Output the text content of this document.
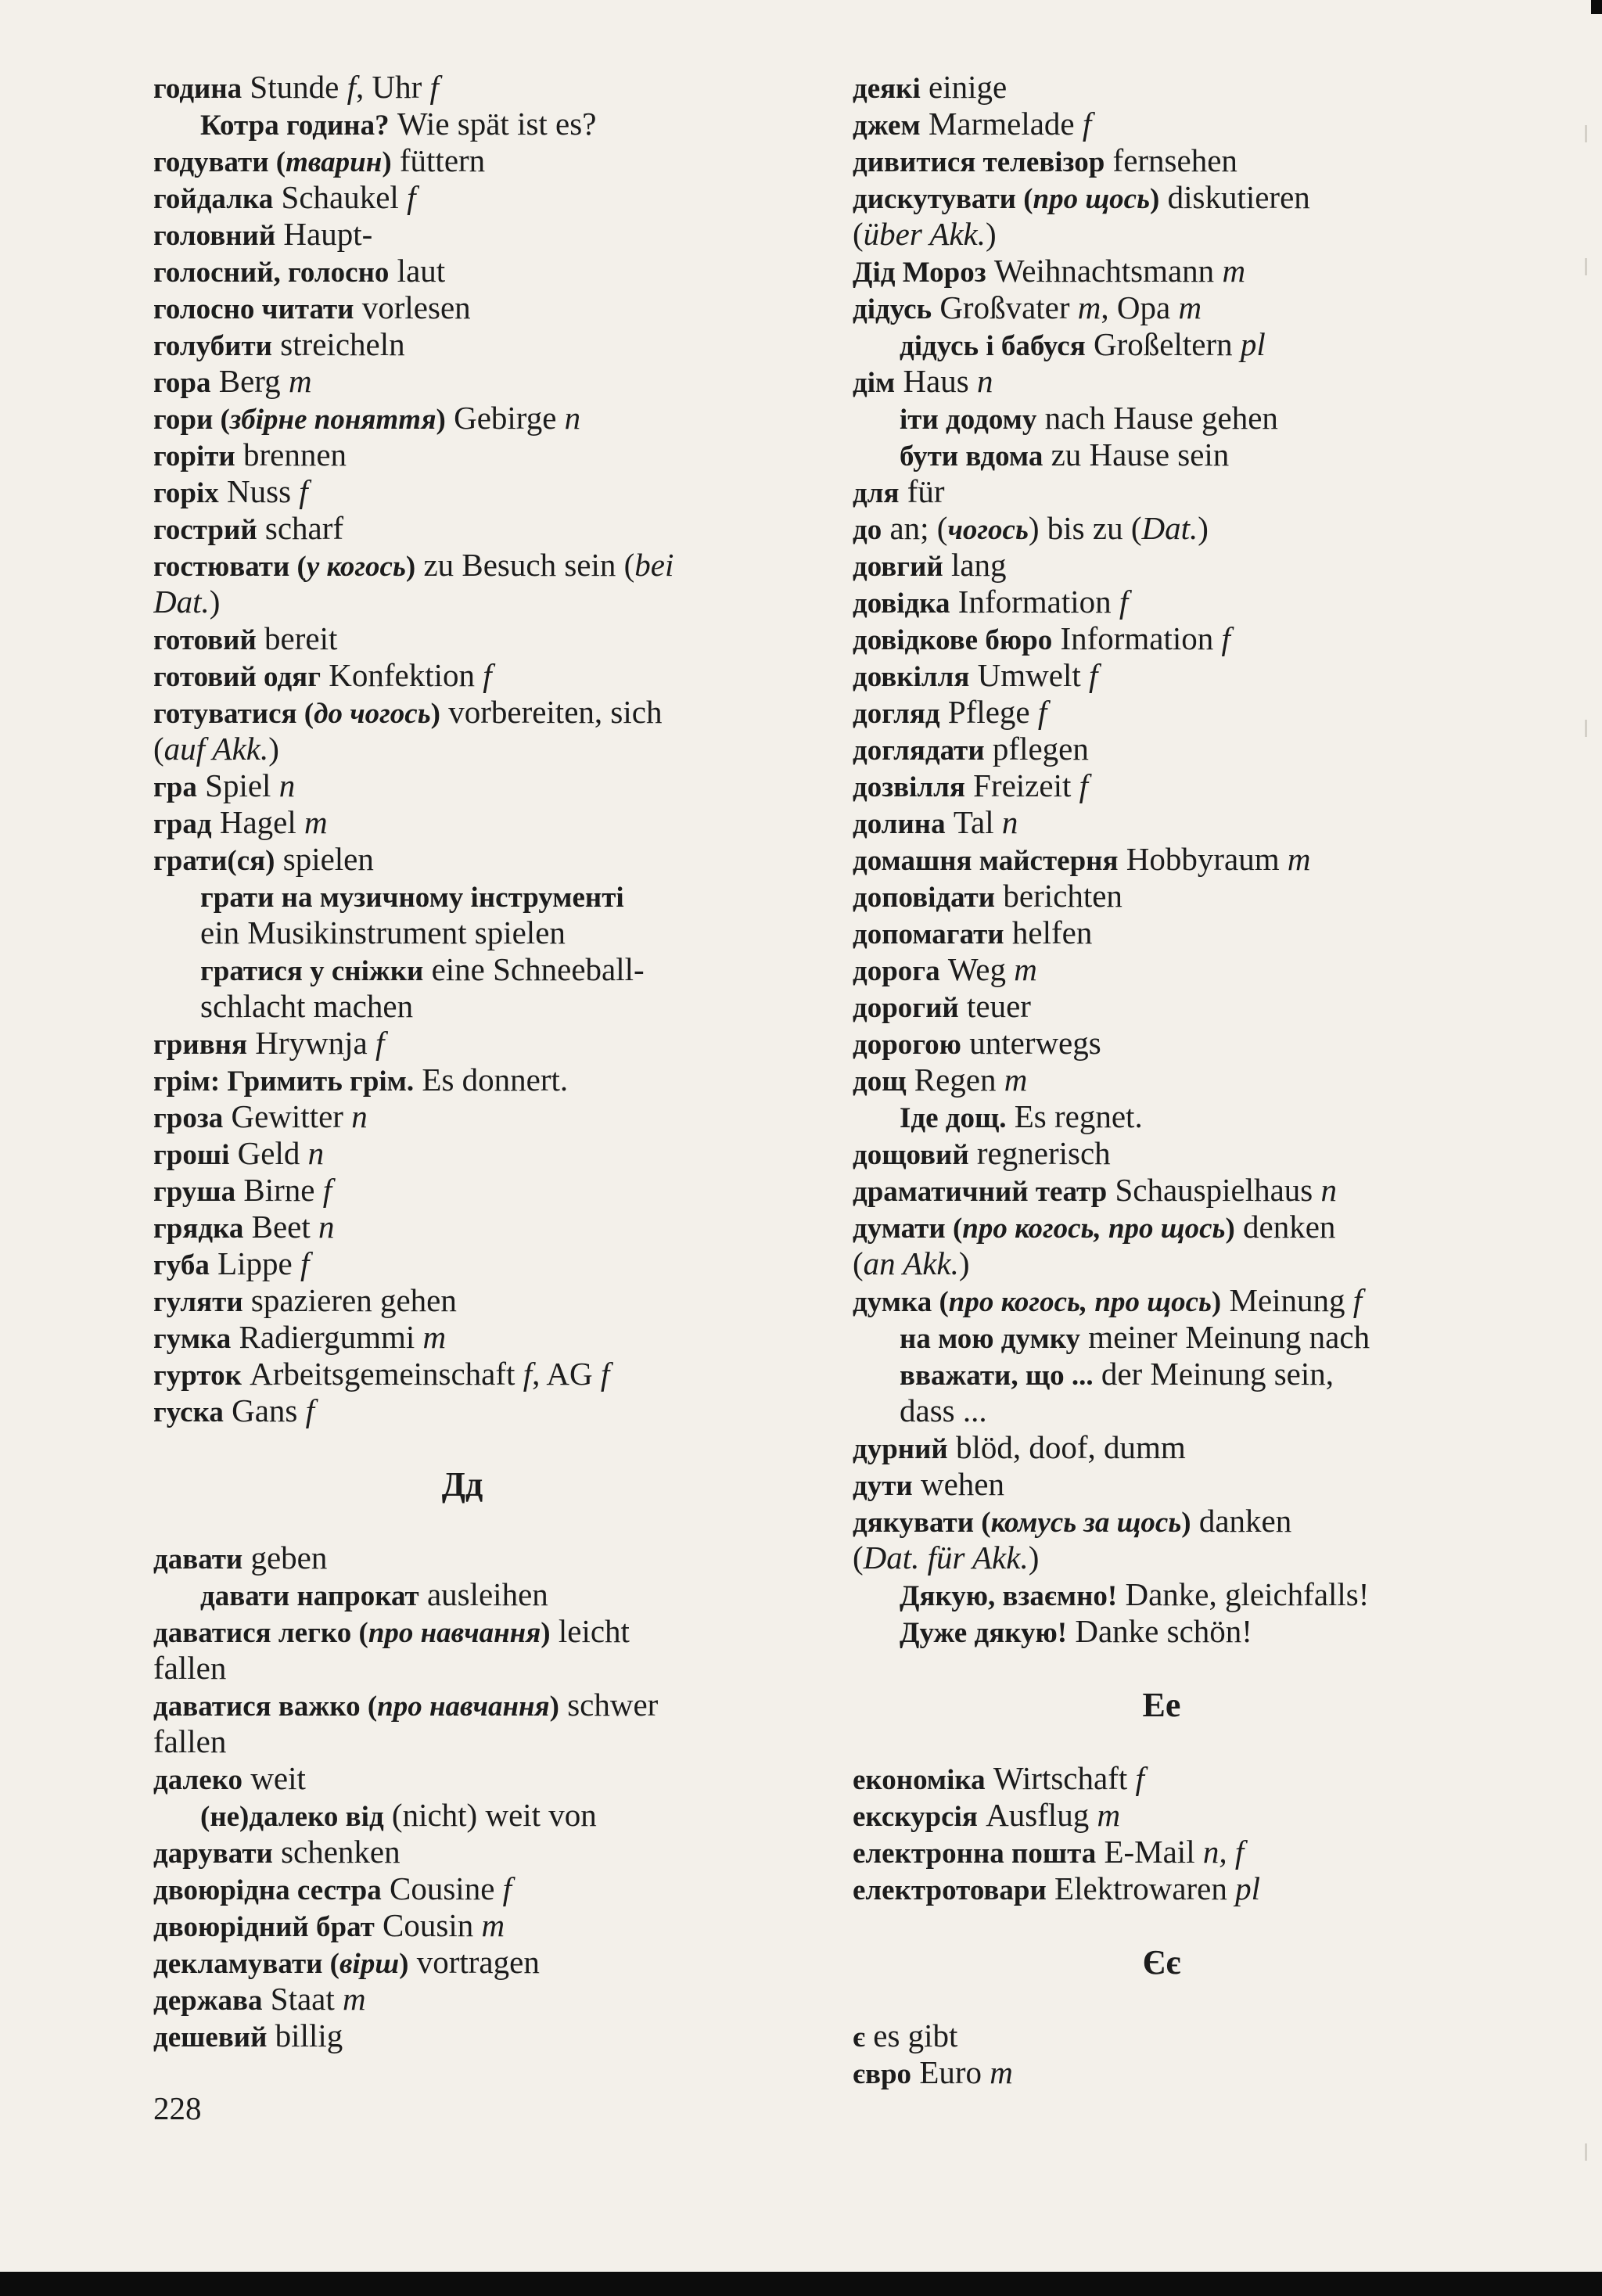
година Stunde f, Uhr f
Котра година? Wie spät ist es?
годувати (тварин) füttern
гойдалка Schaukel f
головний Haupt-
голосний, голосно laut
голосно читати vorlesen
голубити streicheln
гора Berg m
гори (збірне поняття) Gebirge n
горіти brennen
горіх Nuss f
гострий scharf
гостювати (у когось) zu Besuch sein (bei
Dat.)
готовий bereit
готовий одяг Konfektion f
готуватися (до чогось) vorbereiten, sich
(auf Akk.)
гра Spiel n
град Hagel m
грати(ся) spielen
грати на музичному інструменті
ein Musikinstrument spielen
гратися у сніжки eine Schneeball-
schlacht machen
гривня Hrywnja f
грім: Гримить грім. Es donnert.
гроза Gewitter n
гроші Geld n
груша Birne f
грядка Beet n
губа Lippe f
гуляти spazieren gehen
гумка Radiergummi m
гурток Arbeitsgemeinschaft f, AG f
гуска Gans f
Дд
давати geben
давати напрокат ausleihen
даватися легко (про навчання) leicht
fallen
даватися важко (про навчання) schwer
fallen
далеко weit
(не)далеко від (nicht) weit von
дарувати schenken
двоюрідна сестра Cousine f
двоюрідний брат Cousin m
декламувати (вірш) vortragen
держава Staat m
дешевий billig
деякі einige
джем Marmelade f
дивитися телевізор fernsehen
дискутувати (про щось) diskutieren
(über Akk.)
Дід Мороз Weihnachtsmann m
дідусь Großvater m, Opa m
дідусь і бабуся Großeltern pl
дім Haus n
іти додому nach Hause gehen
бути вдома zu Hause sein
для für
до an; (чогось) bis zu (Dat.)
довгий lang
довідка Information f
довідкове бюро Information f
довкілля Umwelt f
догляд Pflege f
доглядати pflegen
дозвілля Freizeit f
долина Tal n
домашня майстерня Hobbyraum m
доповідати berichten
допомагати helfen
дорога Weg m
дорогий teuer
дорогою unterwegs
дощ Regen m
Іде дощ. Es regnet.
дощовий regnerisch
драматичний театр Schauspielhaus n
думати (про когось, про щось) denken
(an Akk.)
думка (про когось, про щось) Meinung f
на мою думку meiner Meinung nach
вважати, що ... der Meinung sein,
dass ...
дурний blöd, doof, dumm
дути wehen
дякувати (комусь за щось) danken
(Dat. für Akk.)
Дякую, взаємно! Danke, gleichfalls!
Дуже дякую! Danke schön!
Ee
економіка Wirtschaft f
екскурсія Ausflug m
електронна пошта E-Mail n, f
електротовари Elektrowaren pl
Єє
є es gibt
євро Euro m
228
